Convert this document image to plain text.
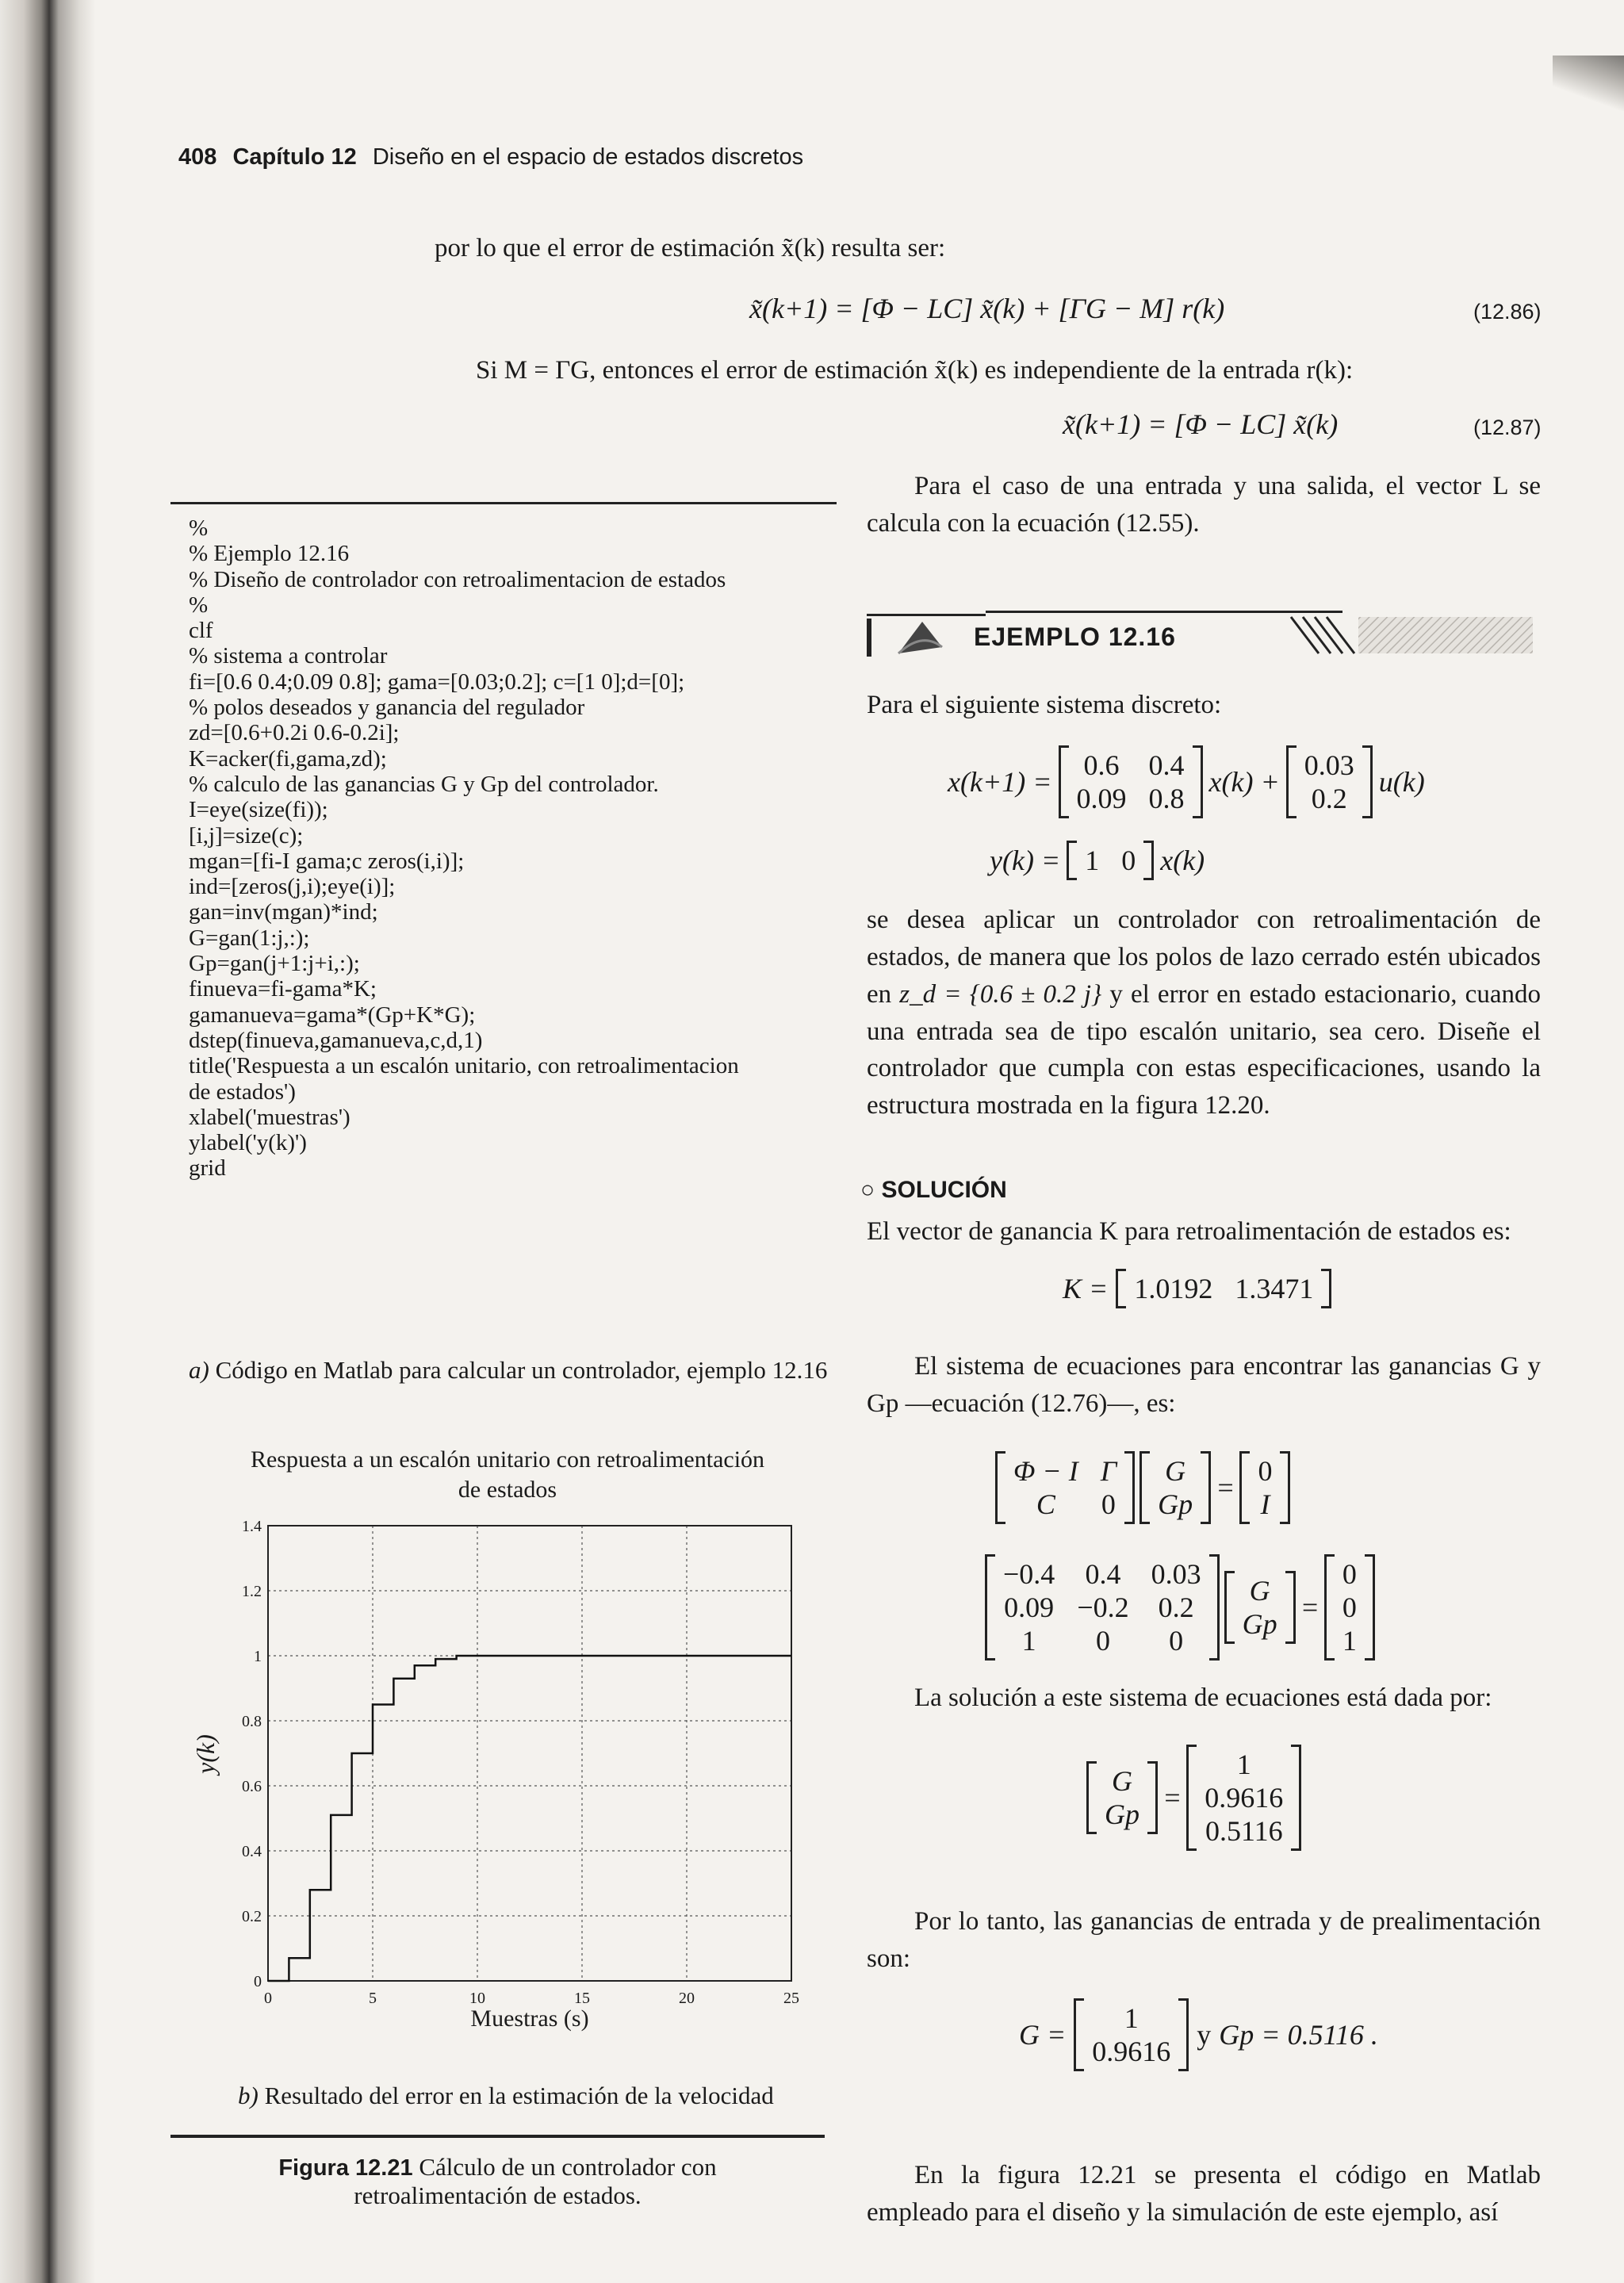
408 Capítulo 12 Diseño en el espacio de estados discretos
por lo que el error de estimación x̃(k) resulta ser:
x̃(k+1) = [Φ − LC] x̃(k) + [ΓG − M] r(k)	(12.86)
Si M = ΓG, entonces el error de estimación x̃(k) es independiente de la entrada r(k):
x̃(k+1) = [Φ − LC] x̃(k)	(12.87)
%
% Ejemplo 12.16
% Diseño de controlador con retroalimentacion de estados
%
clf
% sistema a controlar
fi=[0.6 0.4;0.09 0.8]; gama=[0.03;0.2]; c=[1 0];d=[0];
% polos deseados y ganancia del regulador
zd=[0.6+0.2i 0.6-0.2i];
K=acker(fi,gama,zd);
% calculo de las ganancias G y Gp del controlador.
I=eye(size(fi));
[i,j]=size(c);
mgan=[fi-I gama;c zeros(i,i)];
ind=[zeros(j,i);eye(i)];
gan=inv(mgan)*ind;
G=gan(1:j,:);
Gp=gan(j+1:j+i,:);
finueva=fi-gama*K;
gamanueva=gama*(Gp+K*G);
dstep(finueva,gamanueva,c,d,1)
title('Respuesta a un escalón unitario, con retroalimentacion
de estados')
xlabel('muestras')
ylabel('y(k)')
grid
a) Código en Matlab para calcular un controlador, ejemplo 12.16
Respuesta a un escalón unitario con retroalimentación
de estados
0
0.2
0.4
0.6
0.8
1
1.2
1.4
0	5	10	15	20	25
y(k)
Muestras (s)
b) Resultado del error en la estimación de la velocidad
Figura 12.21 Cálculo de un controlador con
retroalimentación de estados.
Para el caso de una entrada y una salida, el vector L se calcula con la ecuación (12.55).
EJEMPLO 12.16
Para el siguiente sistema discreto:
x(k+1) =
0.6 0.4
0.09 0.8
x(k) +
0.03
0.2
u(k)
y(k) = 1 0 x(k)
se desea aplicar un controlador con retroalimentación de estados, de manera que los polos de lazo cerrado estén ubicados en z_d = {0.6 ± 0.2 j} y el error en estado estacionario, cuando una entrada sea de tipo escalón unitario, sea cero. Diseñe el controlador que cumpla con estas especificaciones, usando la estructura mostrada en la figura 12.20.
○ SOLUCIÓN
El vector de ganancia K para retroalimentación de estados es:
K = 1.0192 1.3471
El sistema de ecuaciones para encontrar las ganancias G y Gp —ecuación (12.76)—, es:
Φ − I Γ
C	0
G
Gp
=
0
I
−0.4 0.4 0.03
0.09 −0.2 0.2
1	0	0
G
Gp
=
0
0
1
La solución a este sistema de ecuaciones está dada por:
G
Gp
=
1
0.9616
0.5116
Por lo tanto, las ganancias de entrada y de prealimentación son:
G =
1
0.9616
y Gp = 0.5116 .
En la figura 12.21 se presenta el código en Matlab empleado para el diseño y la simulación de este ejemplo, así
